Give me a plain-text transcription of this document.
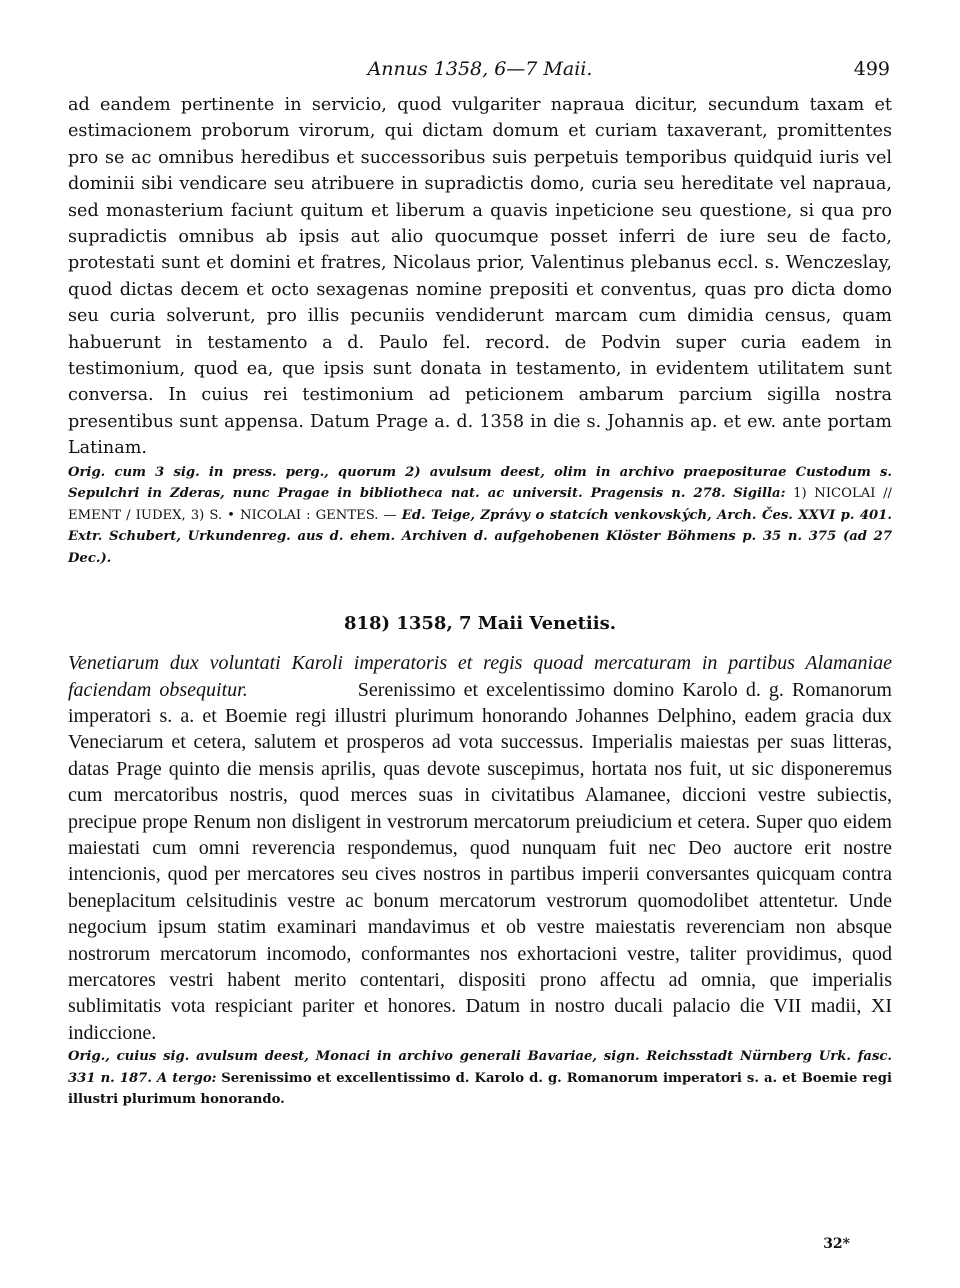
Annus 1358, 6—7 Maii.	499

ad eandem pertinente in servicio, quod vulgariter napraua dicitur, secundum taxam et estimacionem proborum virorum, qui dictam domum et curiam taxaverant, promittentes pro se ac omnibus heredibus et successoribus suis perpetuis temporibus quidquid iuris vel dominii sibi vendicare seu atribuere in supradictis domo, curia seu hereditate vel napraua, sed monasterium faciunt quitum et liberum a quavis inpeticione seu questione, si qua pro supradictis omnibus ab ipsis aut alio quocumque posset inferri de iure seu de facto, protestati sunt et domini et fratres, Nicolaus prior, Valentinus plebanus eccl. s. Wenczeslay, quod dictas decem et octo sexagenas nomine prepositi et conventus, quas pro dicta domo seu curia solverunt, pro illis pecuniis vendiderunt marcam cum dimidia census, quam habuerunt in testamento a d. Paulo fel. record. de Podvin super curia eadem in testimonium, quod ea, que ipsis sunt donata in testamento, in evidentem utilitatem sunt conversa. In cuius rei testimonium ad peticionem ambarum parcium sigilla nostra presentibus sunt appensa. Datum Prage a. d. 1358 in die s. Johannis ap. et ew. ante portam Latinam.

Orig. cum 3 sig. in press. perg., quorum 2) avulsum deest, olim in archivo praepositurae Custodum s. Sepulchri in Zderas, nunc Pragae in bibliotheca nat. ac universit. Pragensis n. 278. Sigilla: 1) NICOLAI // EMENT / IUDEX, 3) S. • NICOLAI : GENTES. — Ed. Teige, Zprávy o statcích venkovských, Arch. Čes. XXVI p. 401. Extr. Schubert, Urkundenreg. aus d. ehem. Archiven d. aufgehobenen Klöster Böhmens p. 35 n. 375 (ad 27 Dec.).

818) 1358, 7 Maii Venetiis.

Venetiarum dux voluntati Karoli imperatoris et regis quoad mercaturam in partibus Alamaniae faciendam obsequitur.	Serenissimo et excelentissimo domino Karolo d. g. Romanorum imperatori s. a. et Boemie regi illustri plurimum honorando Johannes Delphino, eadem gracia dux Veneciarum et cetera, salutem et prosperos ad vota successus. Imperialis maiestas per suas litteras, datas Prage quinto die mensis aprilis, quas devote suscepimus, hortata nos fuit, ut sic disponeremus cum mercatoribus nostris, quod merces suas in civitatibus Alamanee, diccioni vestre subiectis, precipue prope Renum non disligent in vestrorum mercatorum preiudicium et cetera. Super quo eidem maiestati cum omni reverencia respondemus, quod nunquam fuit nec Deo auctore erit nostre intencionis, quod per mercatores seu cives nostros in partibus imperii conversantes quicquam contra beneplacitum celsitudinis vestre ac bonum mercatorum vestrorum quomodolibet attentetur. Unde negocium ipsum statim examinari mandavimus et ob vestre maiestatis reverenciam non absque nostrorum mercatorum incomodo, conformantes nos exhortacioni vestre, taliter providimus, quod mercatores vestri habent merito contentari, dispositi prono affectu ad omnia, que imperialis sublimitatis vota respiciant pariter et honores. Datum in nostro ducali palacio die VII madii, XI indiccione.

Orig., cuius sig. avulsum deest, Monaci in archivo generali Bavariae, sign. Reichsstadt Nürnberg Urk. fasc. 331 n. 187. A tergo: Serenissimo et excellentissimo d. Karolo d. g. Romanorum imperatori s. a. et Boemie regi illustri plurimum honorando.

32*
